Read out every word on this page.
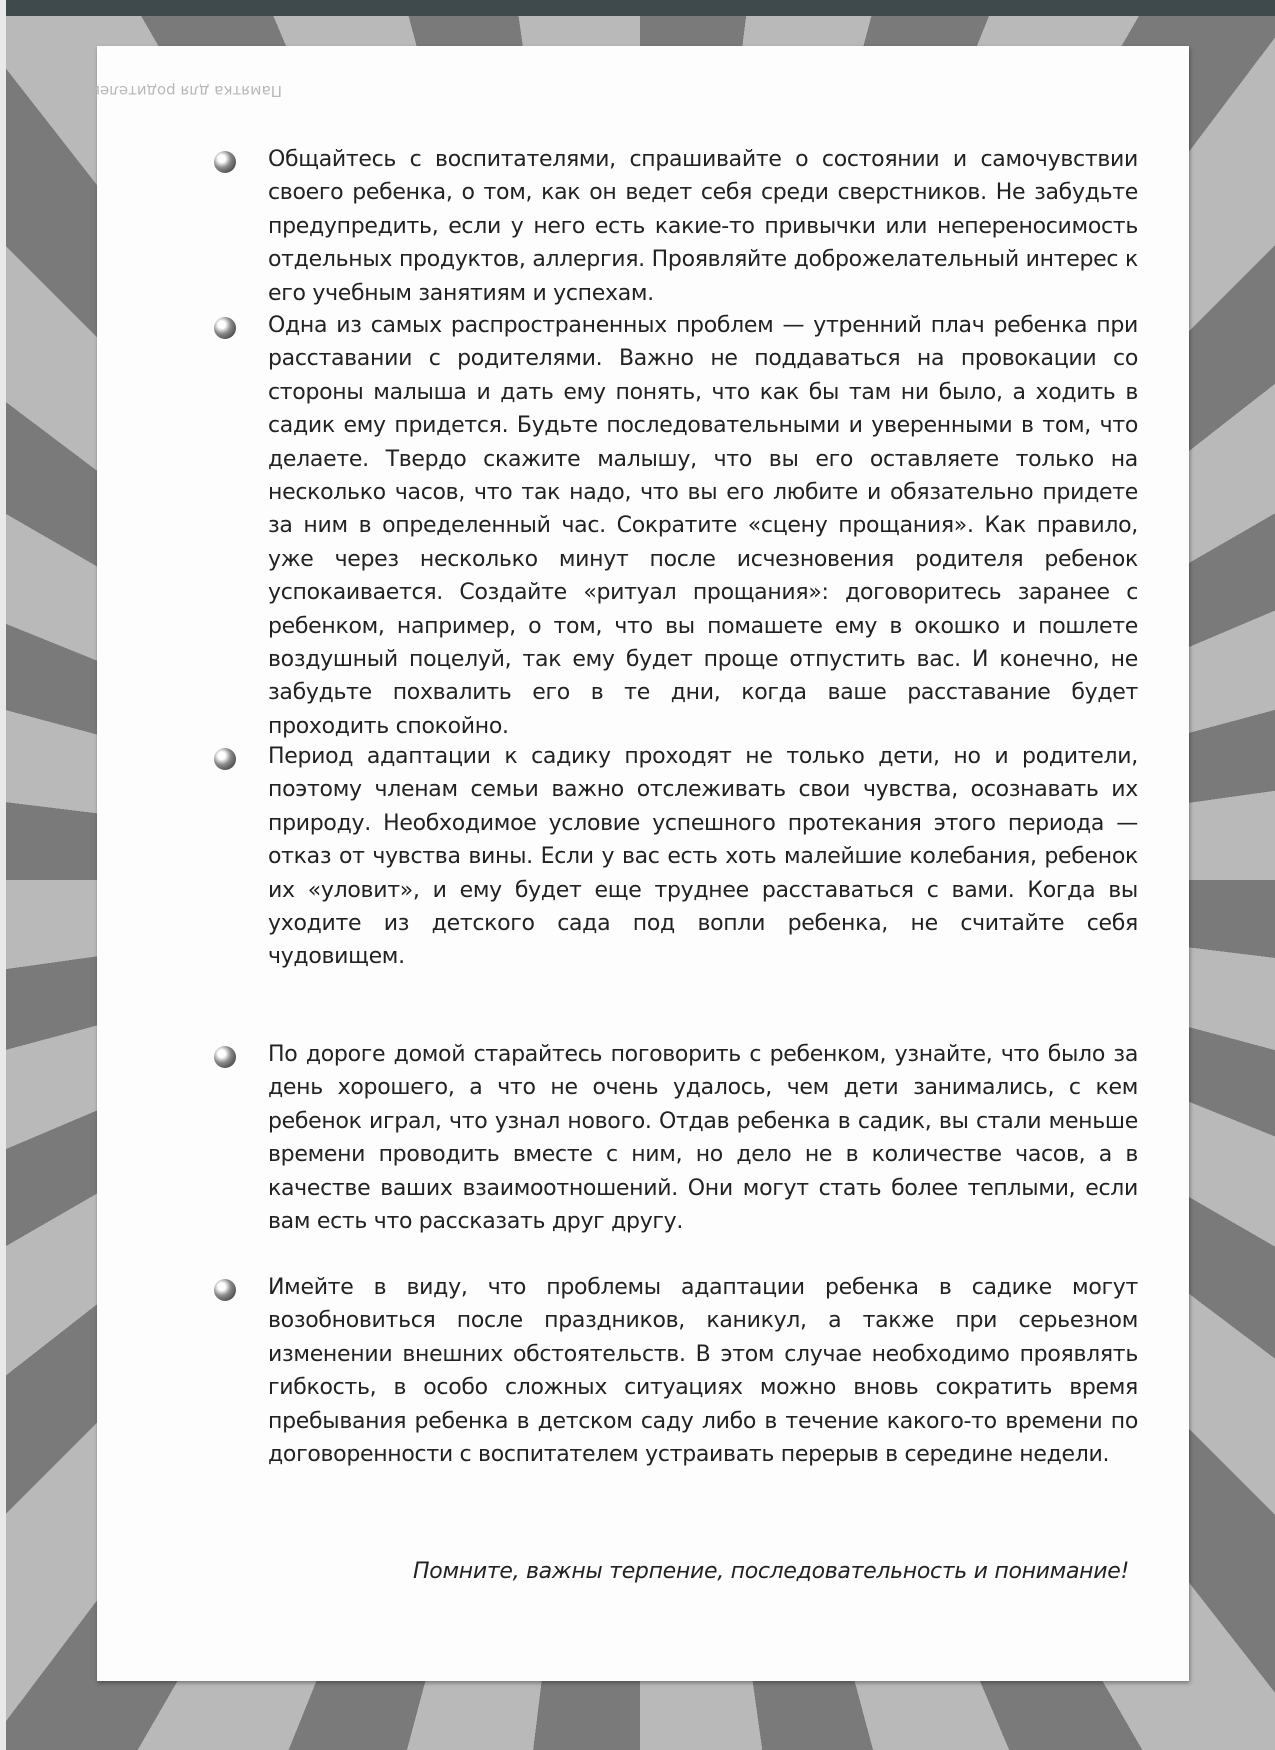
Памятка для родителей
Общайтесь с воспитателями, спрашивайте о состоянии и самочувствии своего ребенка, о том, как он ведет себя среди сверстников. Не забудьте предупредить, если у него есть какие-то привычки или непереносимость отдельных продуктов, аллергия. Проявляйте доброжелательный интерес к его учебным занятиям и успехам.
Одна из самых распространенных проблем — утренний плач ребенка при расставании с родителями. Важно не поддаваться на провокации со стороны малыша и дать ему понять, что как бы там ни было, а ходить в садик ему придется. Будьте последовательными и уверенными в том, что делаете. Твердо скажите малышу, что вы его оставляете только на несколько часов, что так надо, что вы его любите и обязательно придете за ним в определенный час. Сократите «сцену прощания». Как правило, уже через несколько минут после исчезновения родителя ребенок успокаивается. Создайте «ритуал прощания»: договоритесь заранее с ребенком, например, о том, что вы помашете ему в окошко и пошлете воздушный поцелуй, так ему будет проще отпустить вас. И конечно, не забудьте похвалить его в те дни, когда ваше расставание будет проходить спокойно.
Период адаптации к садику проходят не только дети, но и родители, поэтому членам семьи важно отслеживать свои чувства, осознавать их природу. Необходимое условие успешного протекания этого периода — отказ от чувства вины. Если у вас есть хоть малейшие колебания, ребенок их «уловит», и ему будет еще труднее расставаться с вами. Когда вы уходите из детского сада под вопли ребенка, не считайте себя чудовищем.
По дороге домой старайтесь поговорить с ребенком, узнайте, что было за день хорошего, а что не очень удалось, чем дети занимались, с кем ребенок играл, что узнал нового. Отдав ребенка в садик, вы стали меньше времени проводить вместе с ним, но дело не в количестве часов, а в качестве ваших взаимоотношений. Они могут стать более теплыми, если вам есть что рассказать друг другу.
Имейте в виду, что проблемы адаптации ребенка в садике могут возобновиться после праздников, каникул, а также при серьезном изменении внешних обстоятельств. В этом случае необходимо проявлять гибкость, в особо сложных ситуациях можно вновь сократить время пребывания ребенка в детском саду либо в течение какого-то времени по договоренности с воспитателем устраивать перерыв в середине недели.
Помните, важны терпение, последовательность и понимание!
